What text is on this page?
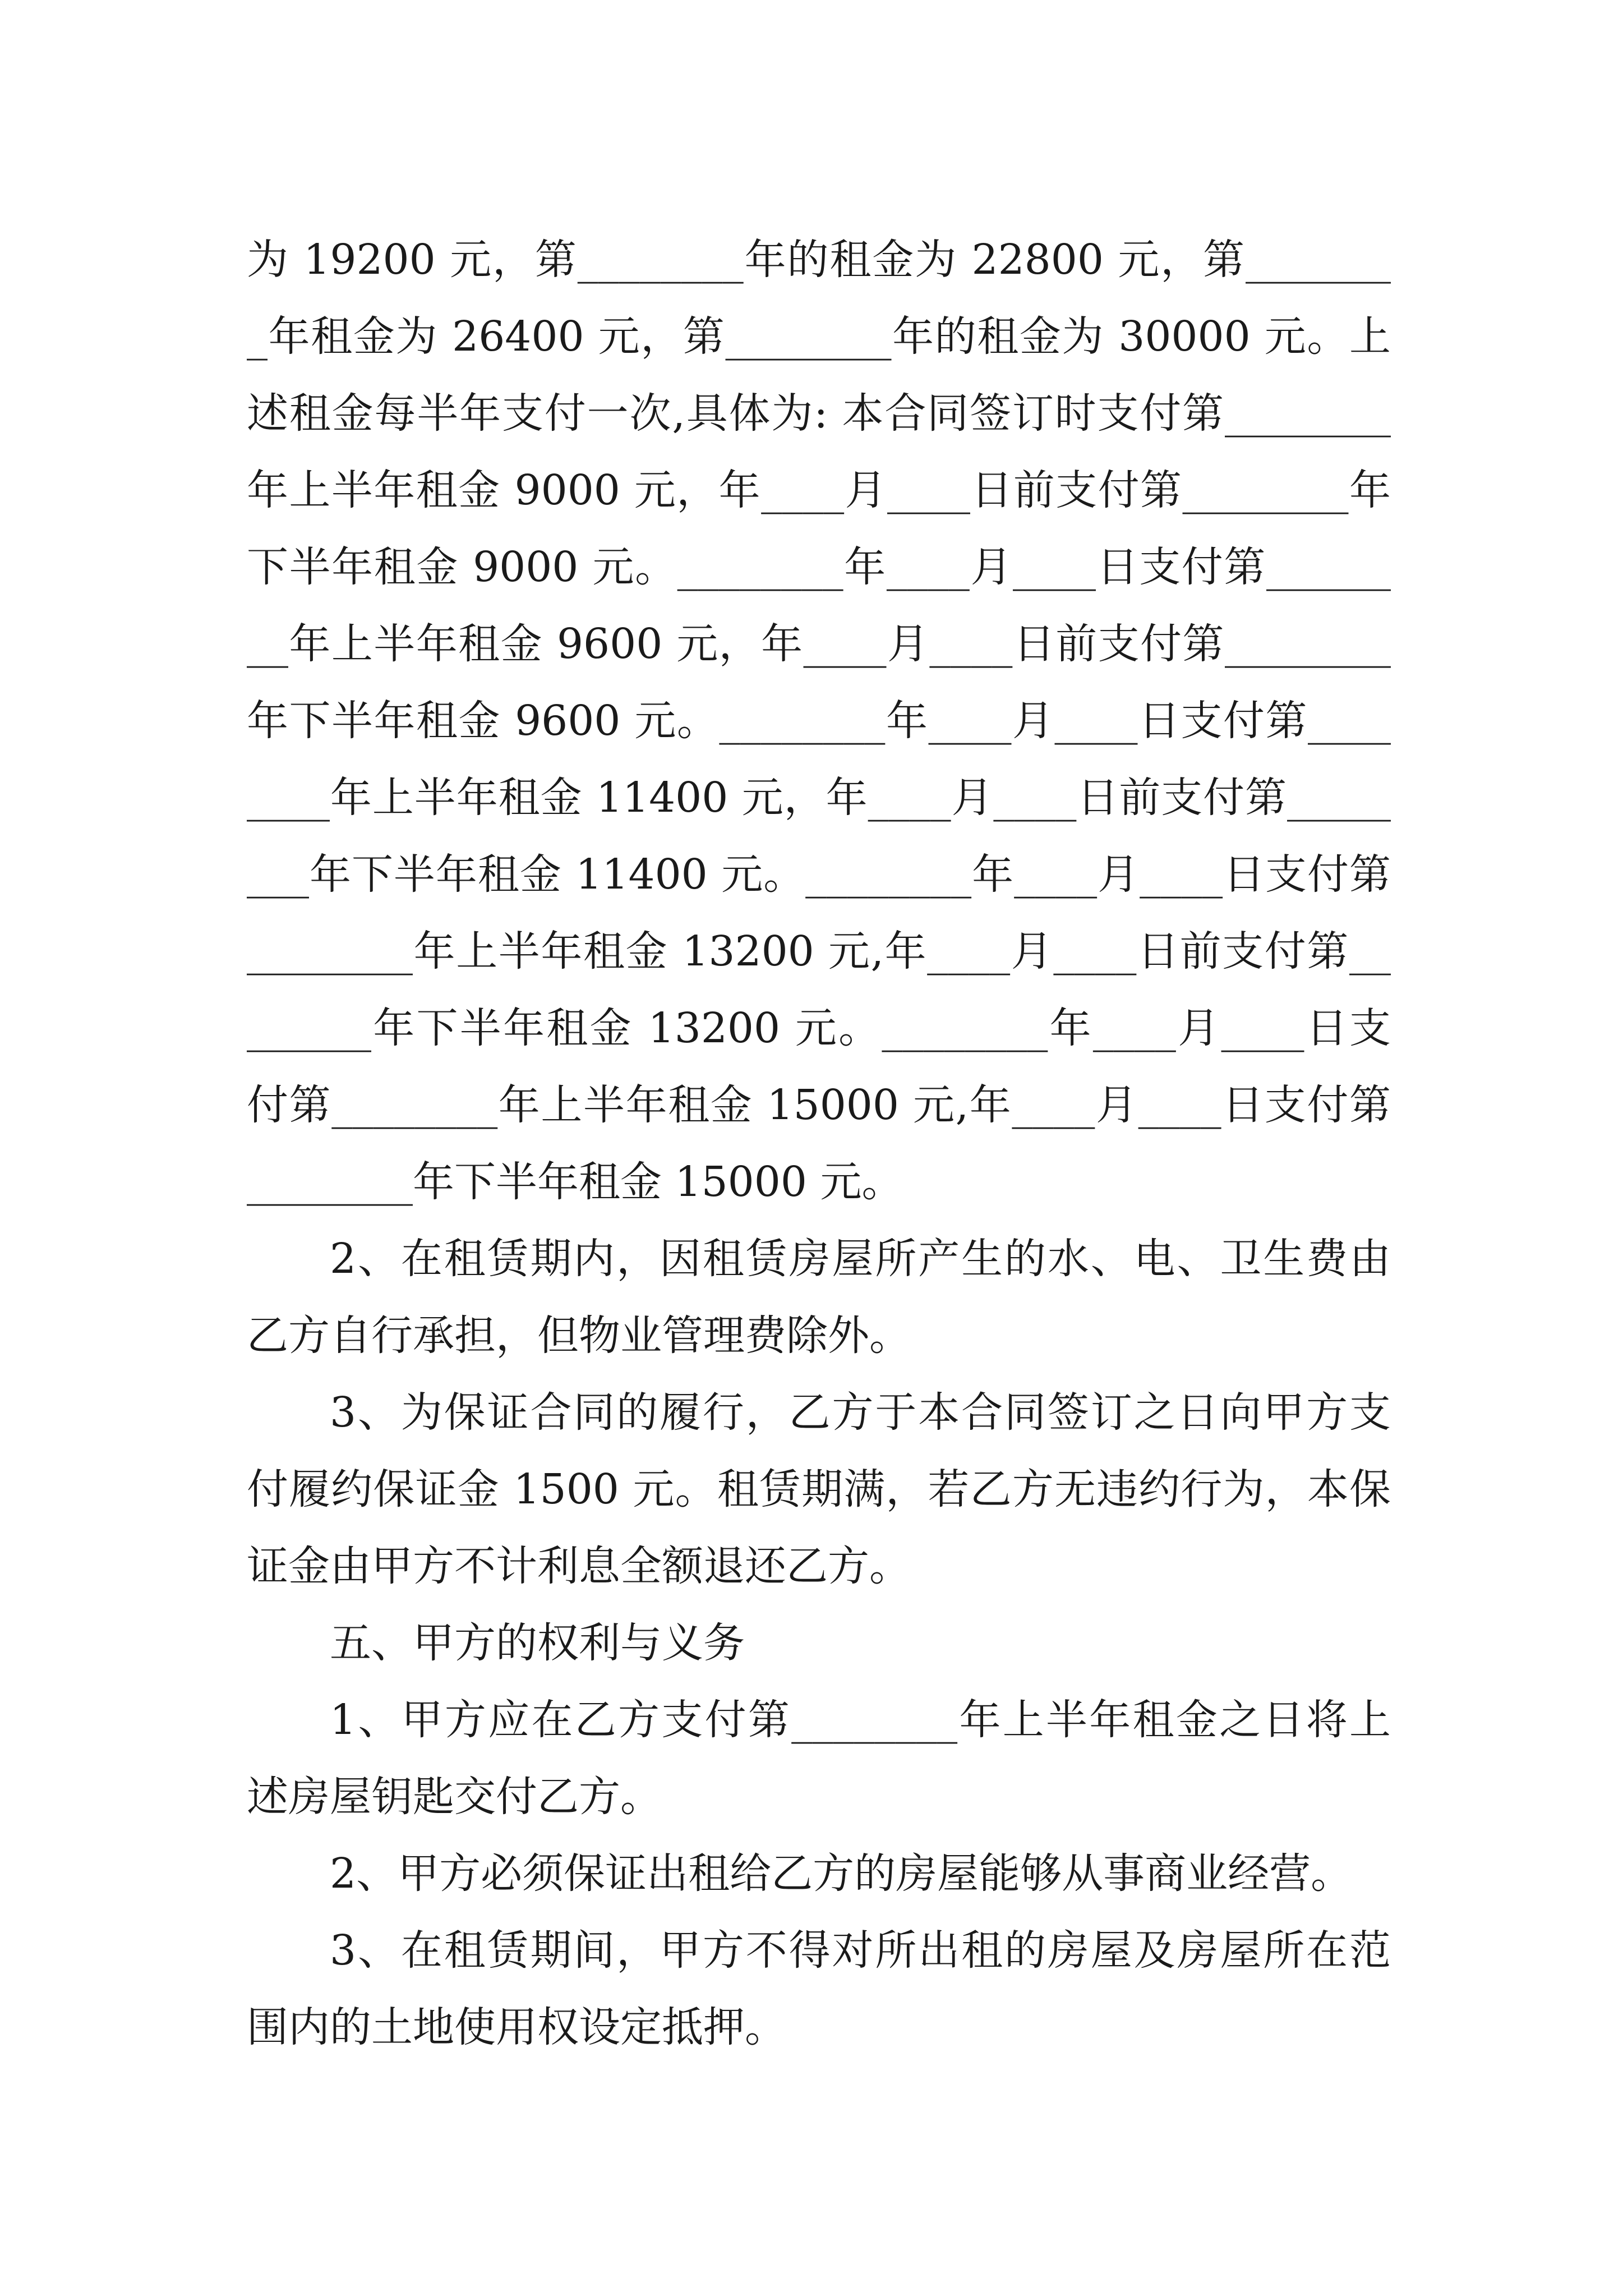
为 19200 元，第________年的租金为 22800 元，第________年租金为 26400 元，第________年的租金为 30000 元。上述租金每半年支付一次,具体为: 本合同签订时支付第________年上半年租金 9000 元，年____月____日前支付第________年下半年租金 9000 元。________年____月____日支付第________年上半年租金 9600 元，年____月____日前支付第________年下半年租金 9600 元。________年____月____日支付第________年上半年租金 11400 元，年____月____日前支付第________年下半年租金 11400 元。________年____月____日支付第________年上半年租金 13200 元,年____月____日前支付第________年下半年租金 13200 元。________年____月____日支付第________年上半年租金 15000 元,年____月____日支付第________年下半年租金 15000 元。

2、在租赁期内，因租赁房屋所产生的水、电、卫生费由乙方自行承担，但物业管理费除外。

3、为保证合同的履行，乙方于本合同签订之日向甲方支付履约保证金 1500 元。租赁期满，若乙方无违约行为，本保证金由甲方不计利息全额退还乙方。

五、甲方的权利与义务

1、甲方应在乙方支付第________年上半年租金之日将上述房屋钥匙交付乙方。

2、甲方必须保证出租给乙方的房屋能够从事商业经营。

3、在租赁期间，甲方不得对所出租的房屋及房屋所在范围内的土地使用权设定抵押。
